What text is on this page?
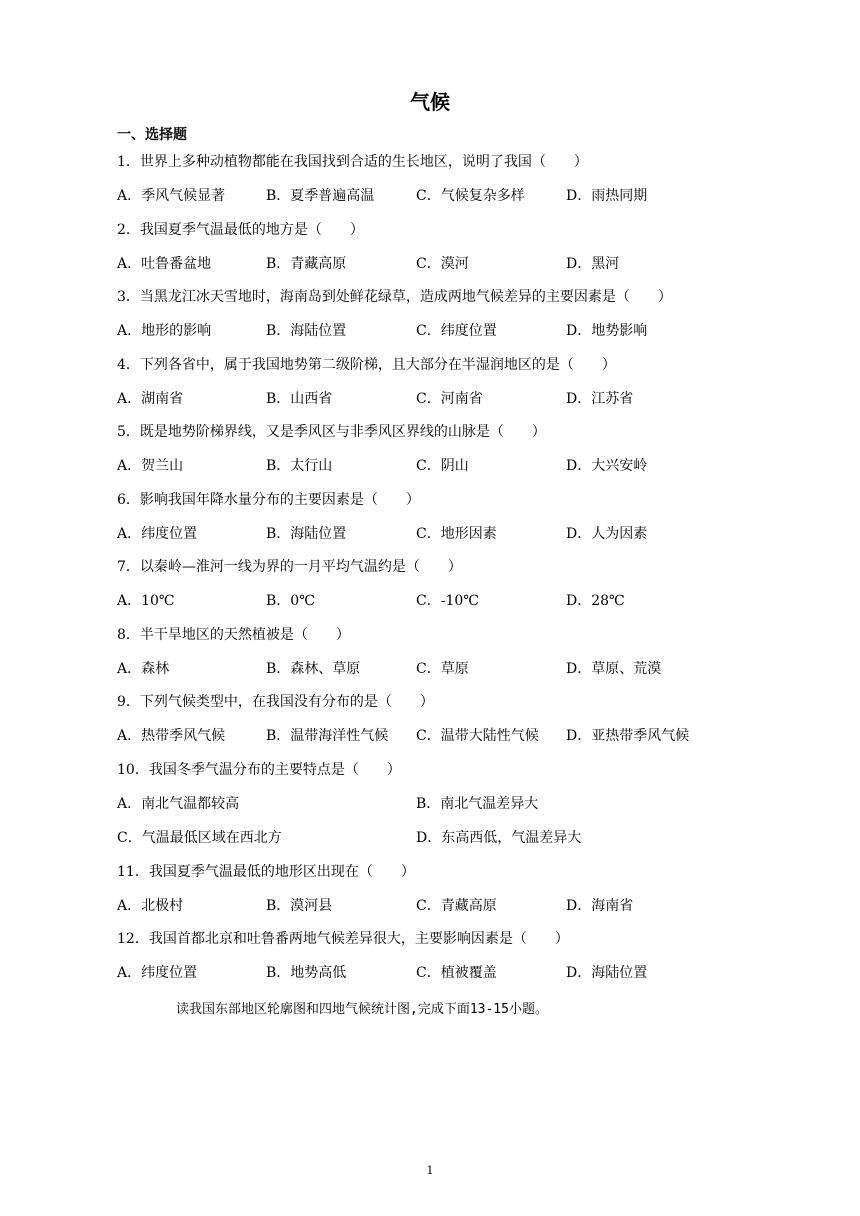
气候
一、选择题
1．世界上多种动植物都能在我国找到合适的生长地区，说明了我国（　　）
A．季风气候显著	B．夏季普遍高温	C．气候复杂多样	D．雨热同期
2．我国夏季气温最低的地方是（　　）
A．吐鲁番盆地	B．青藏高原	C．漠河	D．黑河
3．当黑龙江冰天雪地时，海南岛到处鲜花绿草，造成两地气候差异的主要因素是（　　）
A．地形的影响	B．海陆位置	C．纬度位置	D．地势影响
4．下列各省中，属于我国地势第二级阶梯，且大部分在半湿润地区的是（　　）
A．湖南省	B．山西省	C．河南省	D．江苏省
5．既是地势阶梯界线，又是季风区与非季风区界线的山脉是（　　）
A．贺兰山	B．太行山	C．阴山	D．大兴安岭
6．影响我国年降水量分布的主要因素是（　　）
A．纬度位置	B．海陆位置	C．地形因素	D．人为因素
7．以秦岭—淮河一线为界的一月平均气温约是（　　）
A．10℃	B．0℃	C．-10℃	D．28℃
8．半干旱地区的天然植被是（　　）
A．森林	B．森林、草原	C．草原	D．草原、荒漠
9．下列气候类型中，在我国没有分布的是（　　）
A．热带季风气候	B．温带海洋性气候 C．温带大陆性气候 D．亚热带季风气候
10．我国冬季气温分布的主要特点是（　　）
A．南北气温都较高	B．南北气温差异大
C．气温最低区域在西北方	D．东高西低，气温差异大
11．我国夏季气温最低的地形区出现在（　　）
A．北极村	B．漠河县	C．青藏高原	D．海南省
12．我国首都北京和吐鲁番两地气候差异很大，主要影响因素是（　　）
A．纬度位置	B．地势高低	C．植被覆盖	D．海陆位置
读我国东部地区轮廓图和四地气候统计图,完成下面13-15小题。
1
